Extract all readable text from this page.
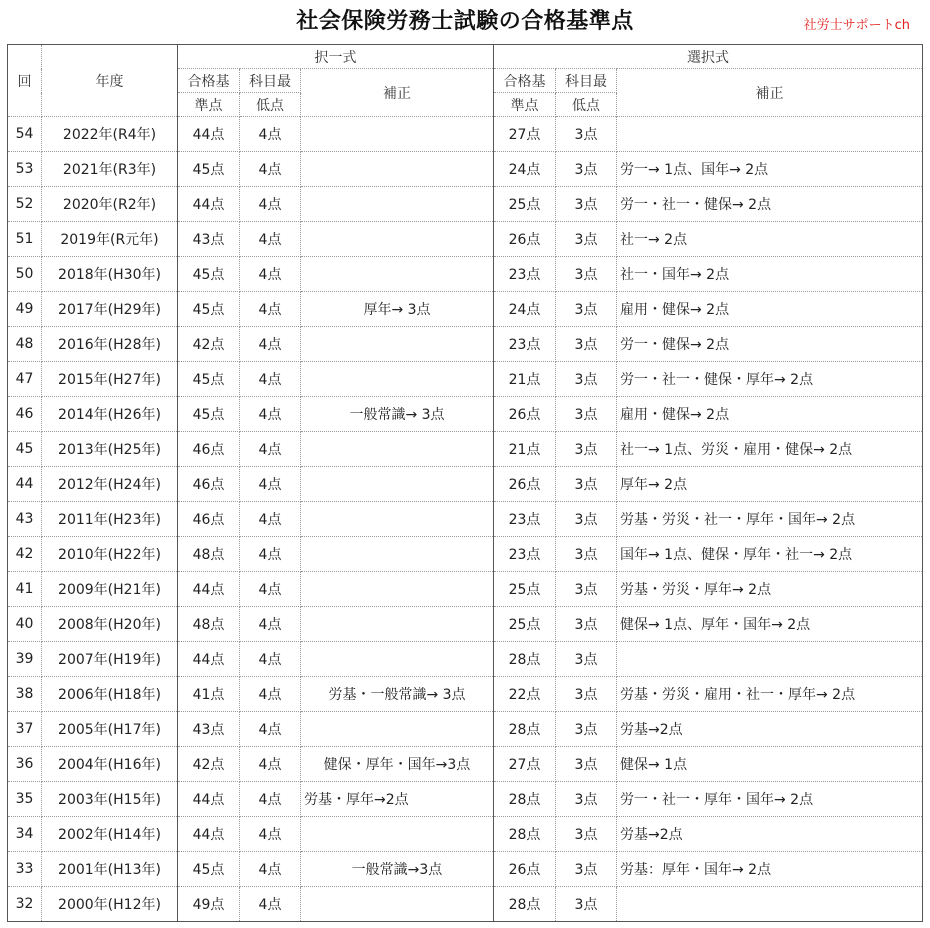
社会保険労務士試験の合格基準点	社労士サポートch
回	年度	択一式			選択式		
		合格基	科目最	補正	合格基	科目最	補正
		準点	低点		準点	低点	
54	2022年(R4年)	44点	4点		27点	3点	
53	2021年(R3年)	45点	4点		24点	3点	労一→ 1点、国年→ 2点
52	2020年(R2年)	44点	4点		25点	3点	労一・社一・健保→ 2点
51	2019年(R元年)	43点	4点		26点	3点	社一→ 2点
50	2018年(H30年)	45点	4点		23点	3点	社一・国年→ 2点
49	2017年(H29年)	45点	4点	厚年→ 3点	24点	3点	雇用・健保→ 2点
48	2016年(H28年)	42点	4点		23点	3点	労一・健保→ 2点
47	2015年(H27年)	45点	4点		21点	3点	労一・社一・健保・厚年→ 2点
46	2014年(H26年)	45点	4点	一般常識→ 3点	26点	3点	雇用・健保→ 2点
45	2013年(H25年)	46点	4点		21点	3点	社一→ 1点、労災・雇用・健保→ 2点
44	2012年(H24年)	46点	4点		26点	3点	厚年→ 2点
43	2011年(H23年)	46点	4点		23点	3点	労基・労災・社一・厚年・国年→ 2点
42	2010年(H22年)	48点	4点		23点	3点	国年→ 1点、健保・厚年・社一→ 2点
41	2009年(H21年)	44点	4点		25点	3点	労基・労災・厚年→ 2点
40	2008年(H20年)	48点	4点		25点	3点	健保→ 1点、厚年・国年→ 2点
39	2007年(H19年)	44点	4点		28点	3点	
38	2006年(H18年)	41点	4点	労基・一般常識→ 3点	22点	3点	労基・労災・雇用・社一・厚年→ 2点
37	2005年(H17年)	43点	4点		28点	3点	労基→2点
36	2004年(H16年)	42点	4点	健保・厚年・国年→3点	27点	3点	健保→ 1点
35	2003年(H15年)	44点	4点	労基・厚年→2点	28点	3点	労一・社一・厚年・国年→ 2点
34	2002年(H14年)	44点	4点		28点	3点	労基→2点
33	2001年(H13年)	45点	4点	一般常識→3点	26点	3点	労基：厚年・国年→ 2点
32	2000年(H12年)	49点	4点		28点	3点	
